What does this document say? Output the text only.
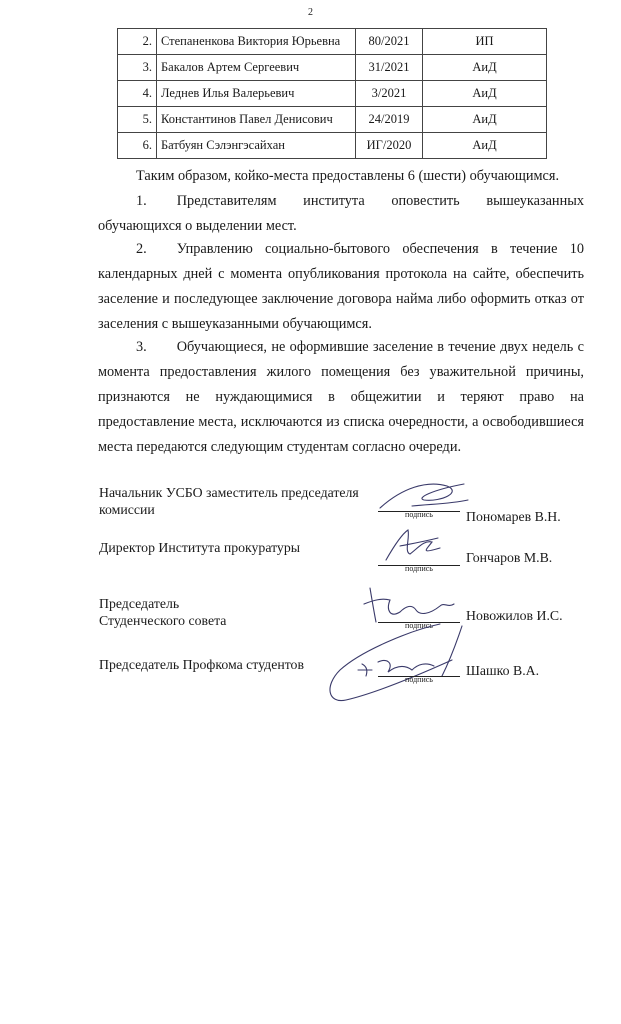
2
2.	Степаненкова Виктория Юрьевна	80/2021	ИП
3.	Бакалов Артем Сергеевич	31/2021	АиД
4.	Леднев Илья Валерьевич	3/2021	АиД
5.	Константинов Павел Денисович	24/2019	АиД
6.	Батбуян Сэлэнгэсайхан	ИГ/2020	АиД
Таким образом, койко-места предоставлены 6 (шести) обучающимся.
1. Представителям института оповестить вышеуказанных
обучающихся о выделении мест.
2. Управлению социально-бытового обеспечения в течение 10
календарных дней с момента опубликования протокола на сайте, обеспечить
заселение и последующее заключение договора найма либо оформить отказ от
заселения с вышеуказанными обучающимся.
3. Обучающиеся, не оформившие заселение в течение двух недель с
момента предоставления жилого помещения без уважительной причины,
признаются не нуждающимися в общежитии и теряют право на
предоставление места, исключаются из списка очередности, а освободившиеся
места передаются следующим студентам согласно очереди.
Начальник УСБО заместитель председателя
комиссии	подпись	Пономарев В.Н.
Директор Института прокуратуры
подпись
Гончаров М.В.
Председатель
Студенческого совета	подпись
Новожилов И.С.
Председатель Профкома студентов
подпись
Шашко В.А.
